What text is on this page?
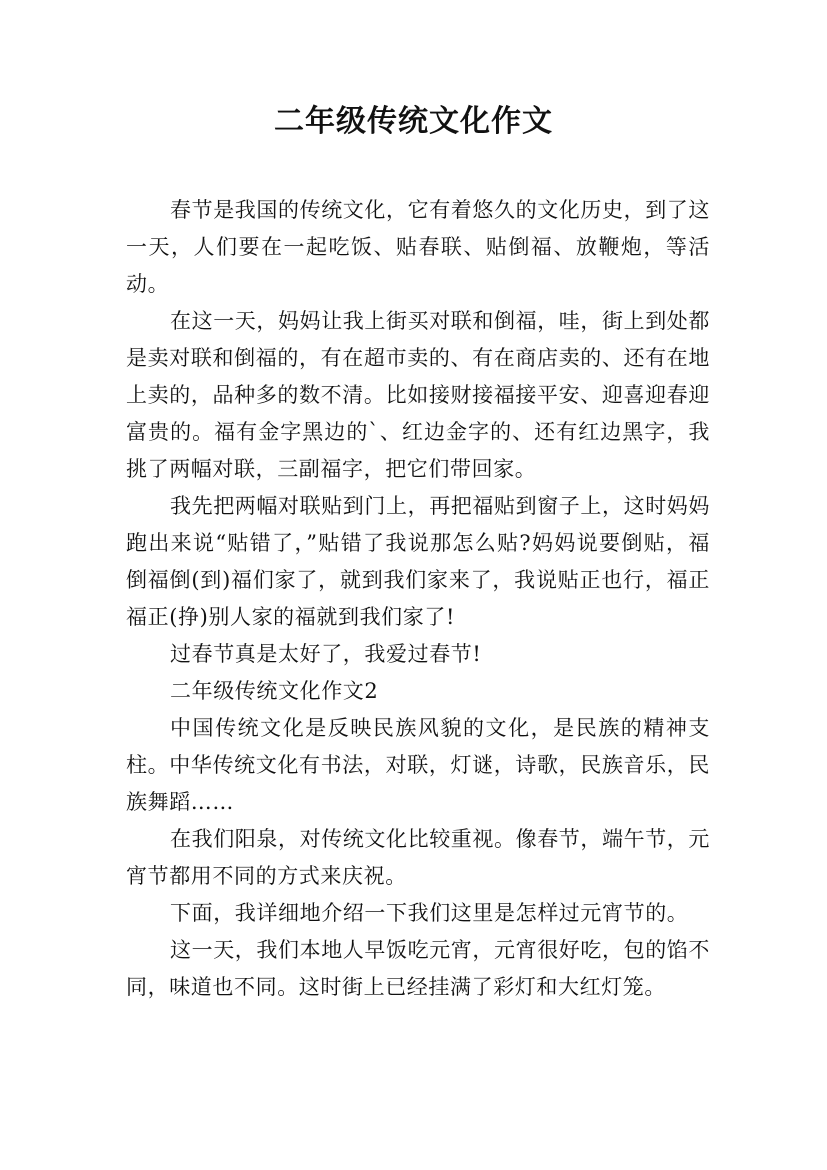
二年级传统文化作文

春节是我国的传统文化，它有着悠久的文化历史，到了这一天，人们要在一起吃饭、贴春联、贴倒福、放鞭炮，等活动。

在这一天，妈妈让我上街买对联和倒福，哇，街上到处都是卖对联和倒福的，有在超市卖的、有在商店卖的、还有在地上卖的，品种多的数不清。比如接财接福接平安、迎喜迎春迎富贵的。福有金字黑边的`、红边金字的、还有红边黑字，我挑了两幅对联，三副福字，把它们带回家。

我先把两幅对联贴到门上，再把福贴到窗子上，这时妈妈跑出来说“贴错了，”贴错了我说那怎么贴?妈妈说要倒贴，福倒福倒(到)福们家了，就到我们家来了，我说贴正也行，福正福正(挣)别人家的福就到我们家了!

过春节真是太好了，我爱过春节!

二年级传统文化作文2

中国传统文化是反映民族风貌的文化，是民族的精神支柱。中华传统文化有书法，对联，灯谜，诗歌，民族音乐，民族舞蹈……

在我们阳泉，对传统文化比较重视。像春节，端午节，元宵节都用不同的方式来庆祝。

下面，我详细地介绍一下我们这里是怎样过元宵节的。

这一天，我们本地人早饭吃元宵，元宵很好吃，包的馅不同，味道也不同。这时街上已经挂满了彩灯和大红灯笼。
